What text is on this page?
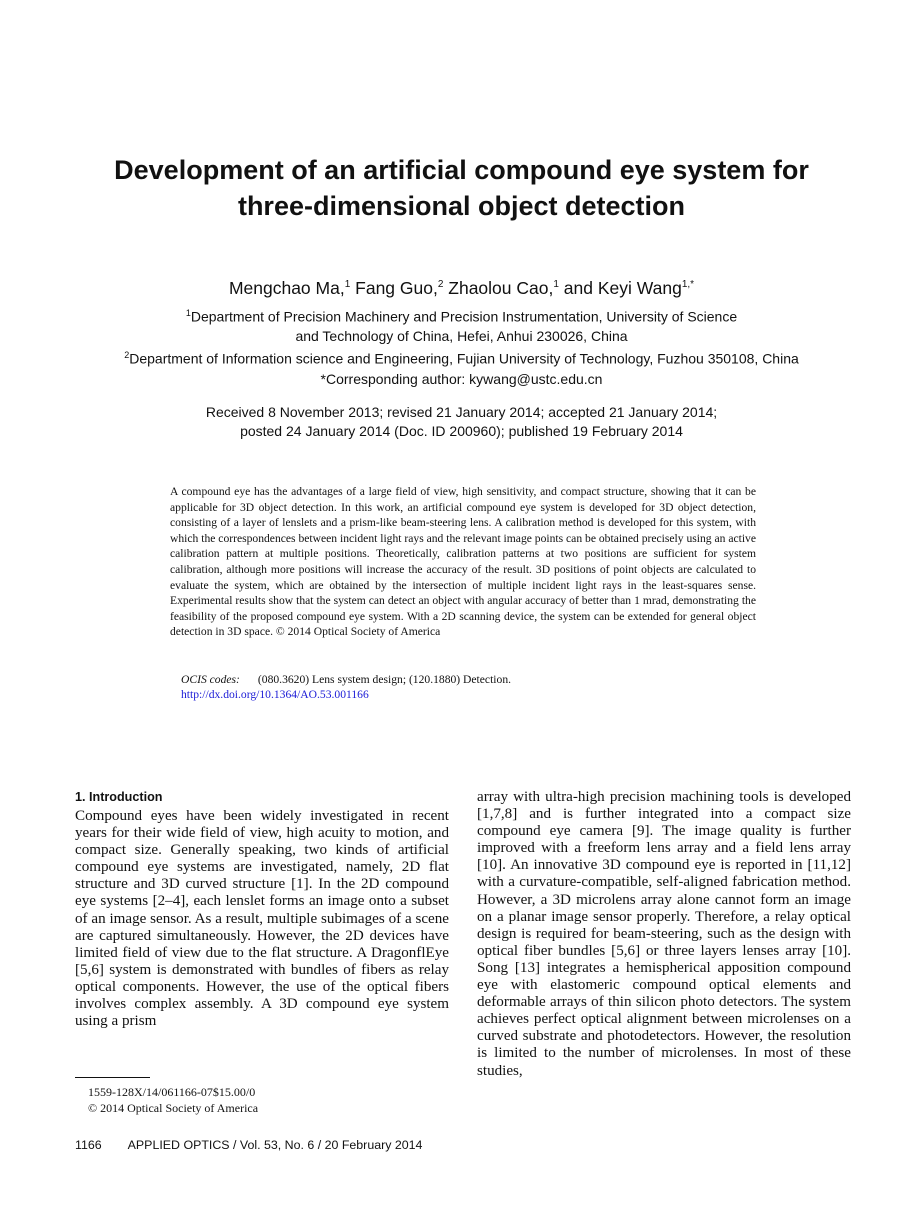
Development of an artificial compound eye system for
three-dimensional object detection
Mengchao Ma,$^1$ Fang Guo,$^2$ Zhaolou Cao,$^1$ and Keyi Wang$^{1,*}$
$^1$Department of Precision Machinery and Precision Instrumentation, University of Science
and Technology of China, Hefei, Anhui 230026, China
$^2$Department of Information science and Engineering, Fujian University of Technology, Fuzhou 350108, China
*Corresponding author: kywang@ustc.edu.cn
Received 8 November 2013; revised 21 January 2014; accepted 21 January 2014;
posted 24 January 2014 (Doc. ID 200960); published 19 February 2014
A compound eye has the advantages of a large field of view, high sensitivity, and compact structure, showing that it can be applicable for 3D object detection. In this work, an artificial compound eye system is developed for 3D object detection, consisting of a layer of lenslets and a prism-like beam-steering lens. A calibration method is developed for this system, with which the correspondences between incident light rays and the relevant image points can be obtained precisely using an active calibration pattern at multiple positions. Theoretically, calibration patterns at two positions are sufficient for system calibration, although more positions will increase the accuracy of the result. 3D positions of point objects are calculated to evaluate the system, which are obtained by the intersection of multiple incident light rays in the least-squares sense. Experimental results show that the system can detect an object with angular accuracy of better than 1 mrad, demonstrating the feasibility of the proposed compound eye system. With a 2D scanning device, the system can be extended for general object detection in 3D space. © 2014 Optical Society of America
OCIS codes: (080.3620) Lens system design; (120.1880) Detection.
http://dx.doi.org/10.1364/AO.53.001166
1. Introduction

Compound eyes have been widely investigated in recent years for their wide field of view, high acuity to motion, and compact size. Generally speaking, two kinds of artificial compound eye systems are investigated, namely, 2D flat structure and 3D curved structure [1]. In the 2D compound eye systems [2–4], each lenslet forms an image onto a subset of an image sensor. As a result, multiple subimages of a scene are captured simultaneously. However, the 2D devices have limited field of view due to the flat structure. A DragonflEye [5,6] system is demonstrated with bundles of fibers as relay optical components. However, the use of the optical fibers involves complex assembly. A 3D compound eye system using a prism

array with ultra-high precision machining tools is developed [1,7,8] and is further integrated into a compact size compound eye camera [9]. The image quality is further improved with a freeform lens array and a field lens array [10]. An innovative 3D compound eye is reported in [11,12] with a curvature-compatible, self-aligned fabrication method. However, a 3D microlens array alone cannot form an image on a planar image sensor properly. Therefore, a relay optical design is required for beam-steering, such as the design with optical fiber bundles [5,6] or three layers lenses array [10]. Song [13] integrates a hemispherical apposition compound eye with elastomeric compound optical elements and deformable arrays of thin silicon photo detectors. The system achieves perfect optical alignment between microlenses on a curved substrate and photodetectors. However, the resolution is limited to the number of microlenses. In most of these studies,

1559-128X/14/061166-07$15.00/0
© 2014 Optical Society of America
1166 APPLIED OPTICS / Vol. 53, No. 6 / 20 February 2014
